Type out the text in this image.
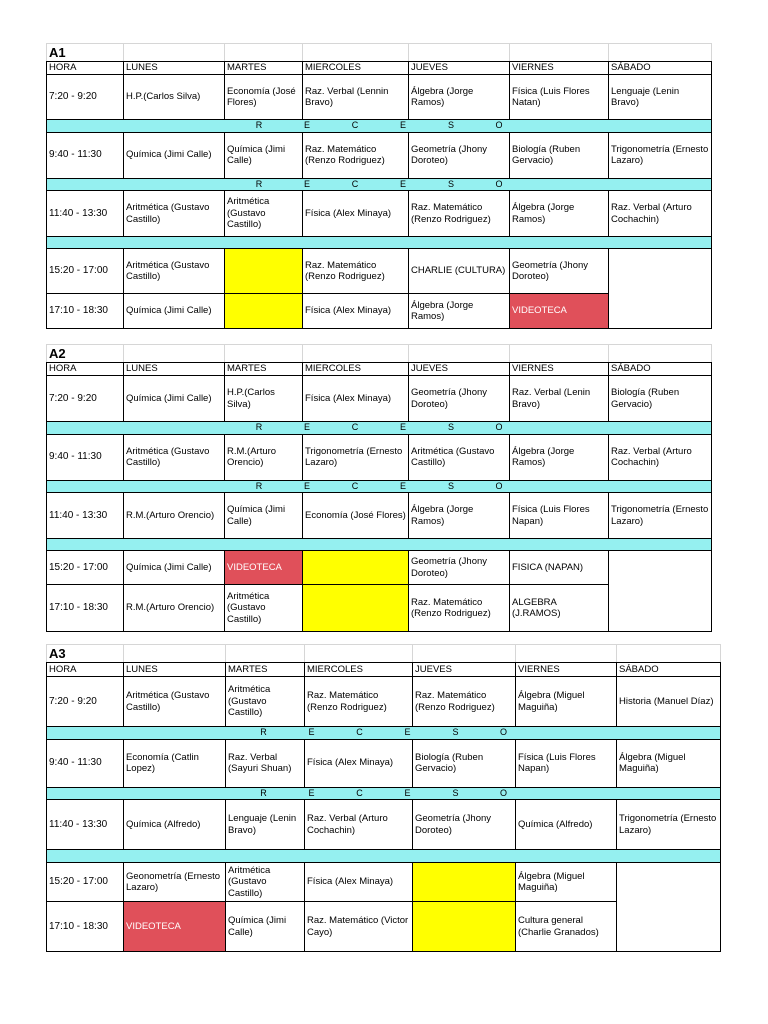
A1						
HORA	LUNES	MARTES	MIERCOLES	JUEVES	VIERNES	SÁBADO
7:20 - 9:20	H.P.(Carlos Silva)	Economía (José Flores)	Raz. Verbal (Lennin Bravo)	Álgebra (Jorge Ramos)	Física (Luis Flores Natan)	Lenguaje (Lenin Bravo)
R E C E S O						
9:40 - 11:30	Química (Jimi Calle)	Química (Jimi Calle)	Raz. Matemático (Renzo Rodriguez)	Geometría (Jhony Doroteo)	Biología (Ruben Gervacio)	Trigonometría (Ernesto Lazaro)
R E C E S O						
11:40 - 13:30	Aritmética (Gustavo Castillo)	Aritmética (Gustavo Castillo)	Física (Alex Minaya)	Raz. Matemático (Renzo Rodriguez)	Álgebra (Jorge Ramos)	Raz. Verbal (Arturo Cochachin)

15:20 - 17:00	Aritmética (Gustavo Castillo)		Raz. Matemático (Renzo Rodriguez)	CHARLIE (CULTURA)	Geometría (Jhony Doroteo)	
17:10 - 18:30	Química (Jimi Calle)		Física (Alex Minaya)	Álgebra (Jorge Ramos)	VIDEOTECA	
A2						
HORA	LUNES	MARTES	MIERCOLES	JUEVES	VIERNES	SÁBADO
7:20 - 9:20	Química (Jimi Calle)	H.P.(Carlos Silva)	Física (Alex Minaya)	Geometría (Jhony Doroteo)	Raz. Verbal (Lenin Bravo)	Biología (Ruben Gervacio)
R E C E S O						
9:40 - 11:30	Aritmética (Gustavo Castillo)	R.M.(Arturo Orencio)	Trigonometría (Ernesto Lazaro)	Aritmética (Gustavo Castillo)	Álgebra (Jorge Ramos)	Raz. Verbal (Arturo Cochachin)
R E C E S O						
11:40 - 13:30	R.M.(Arturo Orencio)	Química (Jimi Calle)	Economía (José Flores)	Álgebra (Jorge Ramos)	Física (Luis Flores Napan)	Trigonometría (Ernesto Lazaro)

15:20 - 17:00	Química (Jimi Calle)	VIDEOTECA		Geometría (Jhony Doroteo)	FISICA (NAPAN)	
17:10 - 18:30	R.M.(Arturo Orencio)	Aritmética (Gustavo Castillo)		Raz. Matemático (Renzo Rodriguez)	ALGEBRA (J.RAMOS)	
A3						
HORA	LUNES	MARTES	MIERCOLES	JUEVES	VIERNES	SÁBADO
7:20 - 9:20	Aritmética (Gustavo Castillo)	Aritmética (Gustavo Castillo)	Raz. Matemático (Renzo Rodriguez)	Raz. Matemático (Renzo Rodriguez)	Álgebra (Miguel Maguiña)	Historia (Manuel Díaz)
R E C E S O						
9:40 - 11:30	Economía (Catlin Lopez)	Raz. Verbal (Sayuri Shuan)	Física (Alex Minaya)	Biología (Ruben Gervacio)	Física (Luis Flores Napan)	Álgebra (Miguel Maguiña)
R E C E S O						
11:40 - 13:30	Química (Alfredo)	Lenguaje (Lenin Bravo)	Raz. Verbal (Arturo Cochachin)	Geometría (Jhony Doroteo)	Química (Alfredo)	Trigonometría (Ernesto Lazaro)

15:20 - 17:00	Geonometría (Ernesto Lazaro)	Aritmética (Gustavo Castillo)	Física (Alex Minaya)		Álgebra (Miguel Maguiña)	
17:10 - 18:30	VIDEOTECA	Química (Jimi Calle)	Raz. Matemático (Victor Cayo)		Cultura general (Charlie Granados)	
